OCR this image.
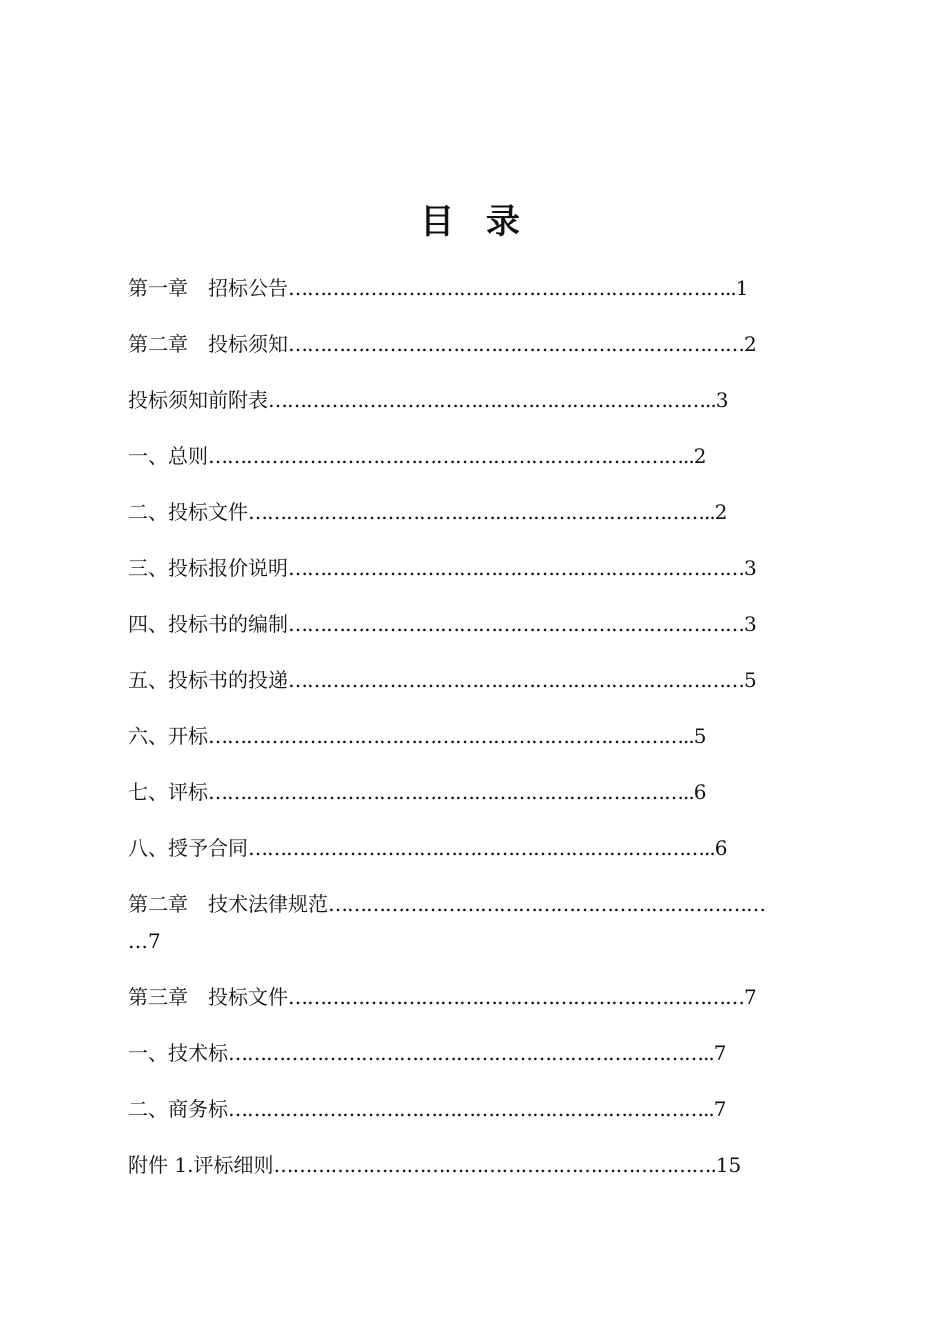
目 录
第一章　招标公告……………………………………………………………..1
第二章　投标须知………………………………………………………………2
投标须知前附表……………………………………………………………..3
一、总则…………………………………………………………………..2
二、投标文件………………………………………………………………..2
三、投标报价说明………………………………………………………………3
四、投标书的编制………………………………………………………………3
五、投标书的投递………………………………………………………………5
六、开标…………………………………………………………………..5
七、评标…………………………………………………………………..6
八、授予合同………………………………………………………………..6
第二章　技术法律规范……………………………………………………………
…7
第三章　投标文件………………………………………………………………7
一、技术标…………………………………………………………………..7
二、商务标…………………………………………………………………..7
附件 1.评标细则…………………………………………………………….15
